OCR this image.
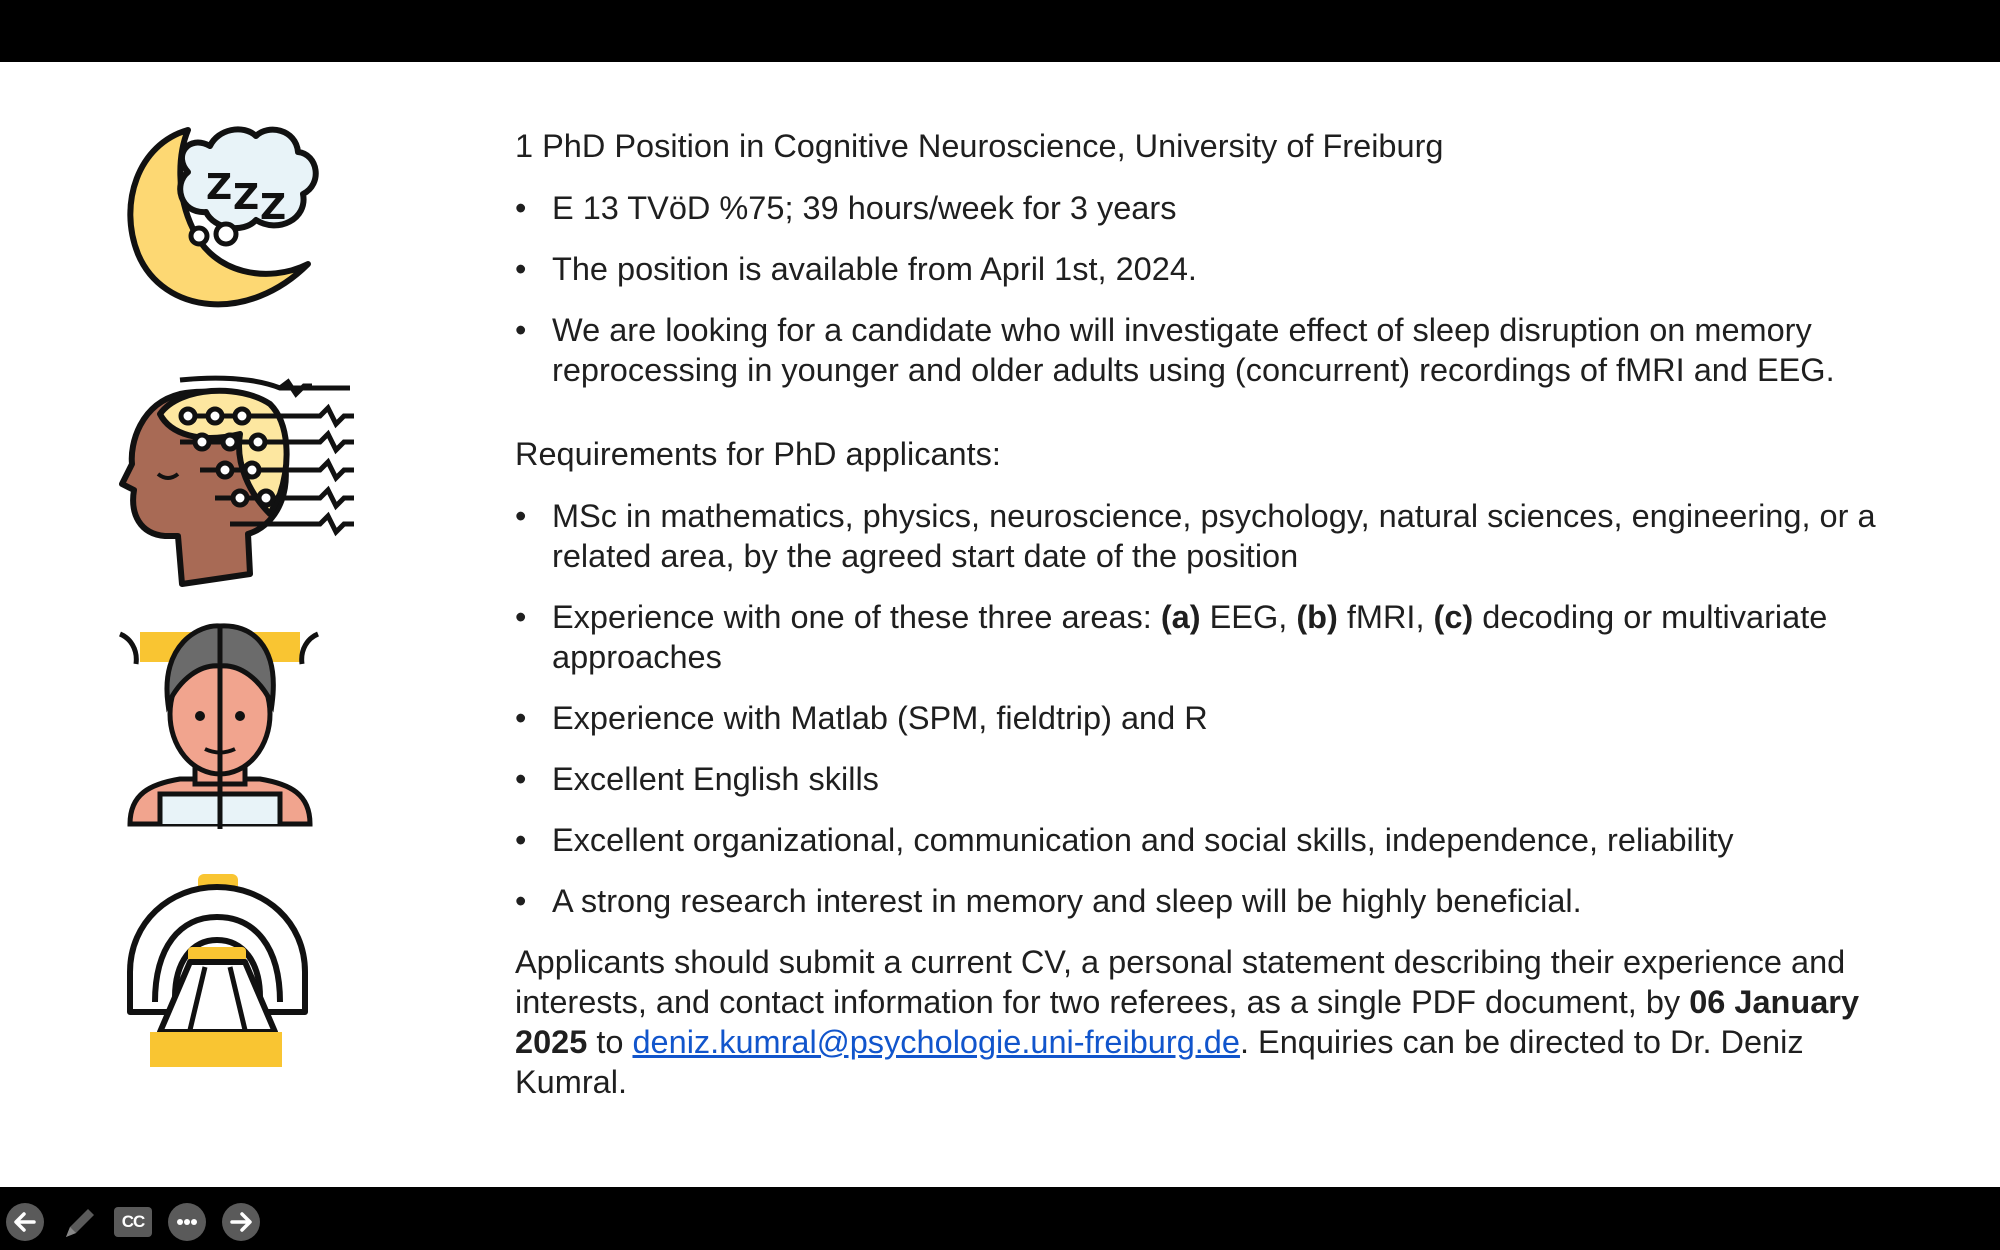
Z Z Z
1 PhD Position in Cognitive Neuroscience, University of Freiburg
• E 13 TVöD %75; 39 hours/week for 3 years
• The position is available from April 1st, 2024.
• We are looking for a candidate who will investigate effect of sleep disruption on memory reprocessing in younger and older adults using (concurrent) recordings of fMRI and EEG.
Requirements for PhD applicants:
• MSc in mathematics, physics, neuroscience, psychology, natural sciences, engineering, or a related area, by the agreed start date of the position
• Experience with one of these three areas: (a) EEG, (b) fMRI, (c) decoding or multivariate approaches
• Experience with Matlab (SPM, fieldtrip) and R
• Excellent English skills
• Excellent organizational, communication and social skills, independence, reliability
• A strong research interest in memory and sleep will be highly beneficial.

Applicants should submit a current CV, a personal statement describing their experience and interests, and contact information for two referees, as a single PDF document, by 06 January 2025 to deniz.kumral@psychologie.uni-freiburg.de. Enquiries can be directed to Dr. Deniz Kumral.

CC
